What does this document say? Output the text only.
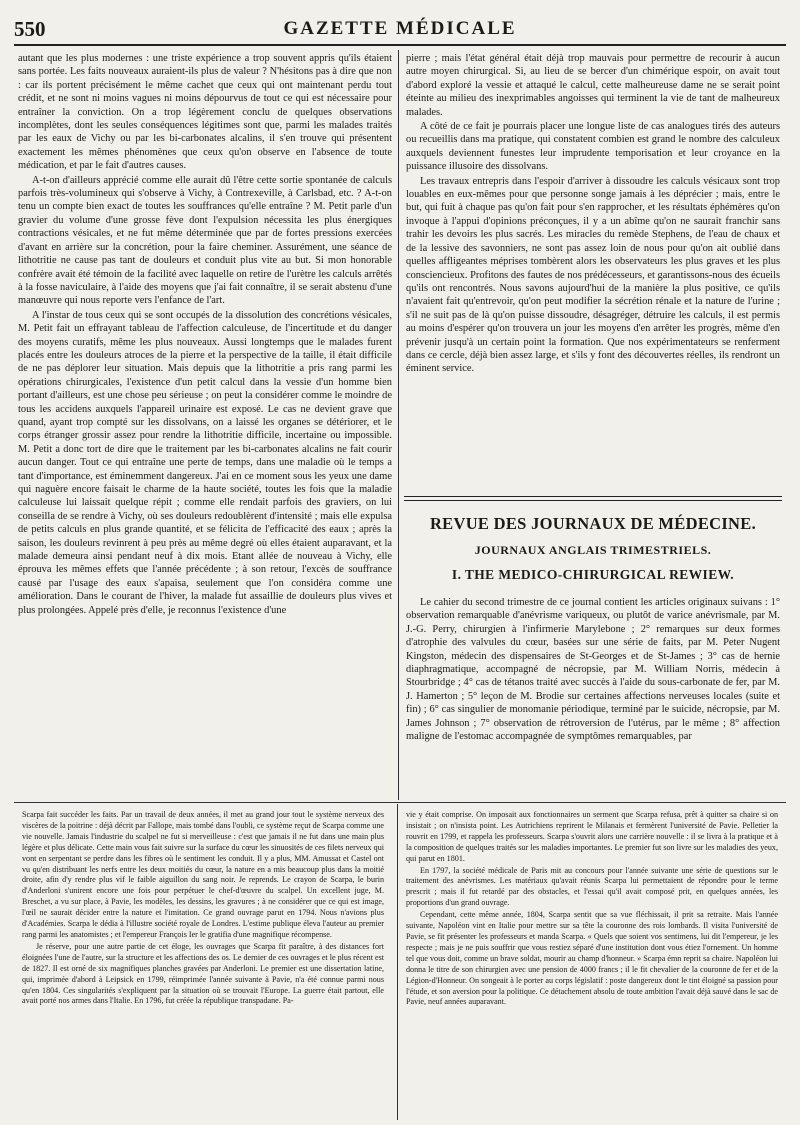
550	GAZETTE MÉDICALE

autant que les plus modernes : une triste expérience a trop souvent appris qu'ils étaient sans portée. Les faits nouveaux auraient-ils plus de valeur ? N'hésitons pas à dire que non : car ils portent précisément le même cachet que ceux qui ont maintenant perdu tout crédit, et ne sont ni moins vagues ni moins dépourvus de tout ce qui est nécessaire pour entraîner la conviction. On a trop légèrement conclu de quelques observations incomplètes, dont les seules conséquences légitimes sont que, parmi les malades traités par les eaux de Vichy ou par les bi-carbonates alcalins, il s'en trouve qui présentent exactement les mêmes phénomènes que ceux qu'on observe en l'absence de toute médication, et par le fait d'autres causes.

A-t-on d'ailleurs apprécié comme elle aurait dû l'être cette sortie spontanée de calculs parfois très-volumineux qui s'observe à Vichy, à Contrexeville, à Carlsbad, etc. ? A-t-on tenu un compte bien exact de toutes les souffrances qu'elle entraîne ? M. Petit parle d'un gravier du volume d'une grosse fève dont l'expulsion nécessita les plus énergiques contractions vésicales, et ne fut même déterminée que par de fortes pressions exercées d'avant en arrière sur la concrétion, pour la faire cheminer. Assurément, une séance de lithotritie ne cause pas tant de douleurs et conduit plus vite au but. Si mon honorable confrère avait été témoin de la facilité avec laquelle on retire de l'urètre les calculs arrêtés à la fosse naviculaire, à l'aide des moyens que j'ai fait connaître, il se serait abstenu d'une manœuvre qui nous reporte vers l'enfance de l'art.

A l'instar de tous ceux qui se sont occupés de la dissolution des concrétions vésicales, M. Petit fait un effrayant tableau de l'affection calculeuse, de l'incertitude et du danger des moyens curatifs, même les plus nouveaux. Aussi longtemps que le malades furent placés entre les douleurs atroces de la pierre et la perspective de la taille, il était difficile de ne pas déplorer leur situation. Mais depuis que la lithotritie a pris rang parmi les opérations chirurgicales, l'existence d'un petit calcul dans la vessie d'un homme bien portant d'ailleurs, est une chose peu sérieuse ; on peut la considérer comme le moindre de tous les accidens auxquels l'appareil urinaire est exposé. Le cas ne devient grave que quand, ayant trop compté sur les dissolvans, on a laissé les organes se détériorer, et le corps étranger grossir assez pour rendre la lithotritie difficile, incertaine ou impossible. M. Petit a donc tort de dire que le traitement par les bi-carbonates alcalins ne fait courir aucun danger. Tout ce qui entraîne une perte de temps, dans une maladie où le temps a tant d'importance, est éminemment dangereux. J'ai en ce moment sous les yeux une dame qui naguère encore faisait le charme de la haute société, toutes les fois que la maladie calculeuse lui laissait quelque répit ; comme elle rendait parfois des graviers, on lui conseilla de se rendre à Vichy, où ses douleurs redoublèrent d'intensité ; mais elle expulsa de petits calculs en plus grande quantité, et se félicita de l'efficacité des eaux ; après la saison, les douleurs revinrent à peu près au même degré où elles étaient auparavant, et la malade demeura ainsi pendant neuf à dix mois. Etant allée de nouveau à Vichy, elle éprouva les mêmes effets que l'année précédente ; à son retour, l'excès de souffrance causé par l'usage des eaux s'apaisa, seulement que l'on considéra comme une amélioration. Dans le courant de l'hiver, la malade fut assaillie de douleurs plus vives et plus prolongées. Appelé près d'elle, je reconnus l'existence d'une

pierre ; mais l'état général était déjà trop mauvais pour permettre de recourir à aucun autre moyen chirurgical. Si, au lieu de se bercer d'un chimérique espoir, on avait tout d'abord exploré la vessie et attaqué le calcul, cette malheureuse dame ne se serait point éteinte au milieu des inexprimables angoisses qui terminent la vie de tant de malheureux malades.

A côté de ce fait je pourrais placer une longue liste de cas analogues tirés des auteurs ou recueillis dans ma pratique, qui constatent combien est grand le nombre des calculeux auxquels deviennent funestes leur imprudente temporisation et leur croyance en la puissance illusoire des dissolvans.

Les travaux entrepris dans l'espoir d'arriver à dissoudre les calculs vésicaux sont trop louables en eux-mêmes pour que personne songe jamais à les déprécier ; mais, entre le but, qui fuit à chaque pas qu'on fait pour s'en rapprocher, et les résultats éphémères qu'on invoque à l'appui d'opinions préconçues, il y a un abîme qu'on ne saurait franchir sans trahir les devoirs les plus sacrés. Les miracles du remède Stephens, de l'eau de chaux et de la lessive des savonniers, ne sont pas assez loin de nous pour qu'on ait oublié dans quelles affligeantes méprises tombèrent alors les observateurs les plus graves et les plus consciencieux. Profitons des fautes de nos prédécesseurs, et garantissons-nous des écueils qu'ils ont rencontrés. Nous savons aujourd'hui de la manière la plus positive, ce qu'ils n'avaient fait qu'entrevoir, qu'on peut modifier la sécrétion rénale et la nature de l'urine ; s'il ne suit pas de là qu'on puisse dissoudre, désagréger, détruire les calculs, il est permis au moins d'espérer qu'on trouvera un jour les moyens d'en arrêter les progrès, même d'en prévenir jusqu'à un certain point la formation. Que nos expérimentateurs se renferment dans ce cercle, déjà bien assez large, et s'ils y font des découvertes réelles, ils rendront un éminent service.

REVUE DES JOURNAUX DE MÉDECINE.
JOURNAUX ANGLAIS TRIMESTRIELS.
I. THE MEDICO-CHIRURGICAL REWIEW.

Le cahier du second trimestre de ce journal contient les articles originaux suivans : 1° observation remarquable d'anévrisme variqueux, ou plutôt de varice anévrismale, par M. J.-G. Perry, chirurgien à l'infirmerie Marylebone ; 2° remarques sur deux formes d'atrophie des valvules du cœur, basées sur une série de faits, par M. Peter Nugent Kingston, médecin des dispensaires de St-Georges et de St-James ; 3° cas de hernie diaphragmatique, accompagné de nécropsie, par M. William Norris, médecin à Stourbridge ; 4° cas de tétanos traité avec succès à l'aide du sous-carbonate de fer, par M. J. Hamerton ; 5° leçon de M. Brodie sur certaines affections nerveuses locales (suite et fin) ; 6° cas singulier de monomanie périodique, terminé par le suicide, nécropsie, par M. James Johnson ; 7° observation de rétroversion de l'utérus, par le même ; 8° affection maligne de l'estomac accompagnée de symptômes remarquables, par

Scarpa fait succéder les faits. Par un travail de deux années, il met au grand jour tout le système nerveux des viscères de la poitrine : déjà décrit par Fallope, mais tombé dans l'oubli, ce système reçut de Scarpa comme une vie nouvelle. Jamais l'industrie du scalpel ne fut si merveilleuse : c'est que jamais il ne fut dans une main plus légère et plus délicate. Cette main vous fait suivre sur la surface du cœur les sinuosités de ces filets nerveux qui vont en serpentant se perdre dans les fibres où le sentiment les conduit. Il y a plus, MM. Amussat et Castel ont vu qu'en distribuant les nerfs entre les deux moitiés du cœur, la nature en a mis beaucoup plus dans la moitié droite, afin d'y rendre plus vif le faible aiguillon du sang noir. Je reprends. Le crayon de Scarpa, le burin d'Anderloni s'unirent encore une fois pour perpétuer le chef-d'œuvre du scalpel. Un excellent juge, M. Breschet, a vu sur place, à Pavie, les modèles, les dessins, les gravures ; à ne considérer que ce qui est image, l'œil ne saurait décider entre la nature et l'imitation. Ce grand ouvrage parut en 1794. Nous n'avions plus d'Académies. Scarpa le dédia à l'illustre société royale de Londres. L'estime publique éleva l'auteur au premier rang parmi les anatomistes ; et l'empereur François Ier le gratifia d'une magnifique récompense.

Je réserve, pour une autre partie de cet éloge, les ouvrages que Scarpa fit paraître, à des distances fort éloignées l'une de l'autre, sur la structure et les affections des os. Le dernier de ces ouvrages et le plus récent est de 1827. Il est orné de six magnifiques planches gravées par Anderloni. Le premier est une dissertation latine, qui, imprimée d'abord à Leipsick en 1799, réimprimée l'année suivante à Pavie, n'a été connue parmi nous qu'en 1804. Ces singularités s'expliquent par la situation où se trouvait l'Europe. La guerre était partout, elle avait porté nos armes dans l'Italie. En 1796, fut créée la république transpadane. Pa-

vie y était comprise. On imposait aux fonctionnaires un serment que Scarpa refusa, prêt à quitter sa chaire si on insistait ; on n'insista point. Les Autrichiens reprirent le Milanais et fermèrent l'université de Pavie. Pelletier la rouvrit en 1799, et rappela les professeurs. Scarpa s'ouvrit alors une carrière nouvelle : il se livra à la pratique et à la composition de quelques traités sur les maladies importantes. Le premier fut son livre sur les maladies des yeux, qui parut en 1801.

En 1797, la société médicale de Paris mit au concours pour l'année suivante une série de questions sur le traitement des anévrismes. Les matériaux qu'avait réunis Scarpa lui permettaient de répondre pour le terme prescrit ; mais il fut retardé par des obstacles, et l'essai qu'il avait composé prit, en quelques années, les proportions d'un grand ouvrage.

Cependant, cette même année, 1804, Scarpa sentit que sa vue fléchissait, il prit sa retraite. Mais l'année suivante, Napoléon vint en Italie pour mettre sur sa tête la couronne des rois lombards. Il visita l'université de Pavie, se fit présenter les professeurs et manda Scarpa. « Quels que soient vos sentimens, lui dit l'empereur, je les respecte ; mais je ne puis souffrir que vous restiez séparé d'une institution dont vous étiez l'ornement. Un homme tel que vous doit, comme un brave soldat, mourir au champ d'honneur. » Scarpa émn reprit sa chaire. Napoléon lui donna le titre de son chirurgien avec une pension de 4000 francs ; il le fit chevalier de la couronne de fer et de la Légion-d'Honneur. On songeait à le porter au corps législatif : poste dangereux dont le tint éloigné sa passion pour l'étude, et son aversion pour la politique. Ce détachement absolu de toute ambition l'avait déjà sauvé dans le sac de Pavie, neuf années auparavant.
